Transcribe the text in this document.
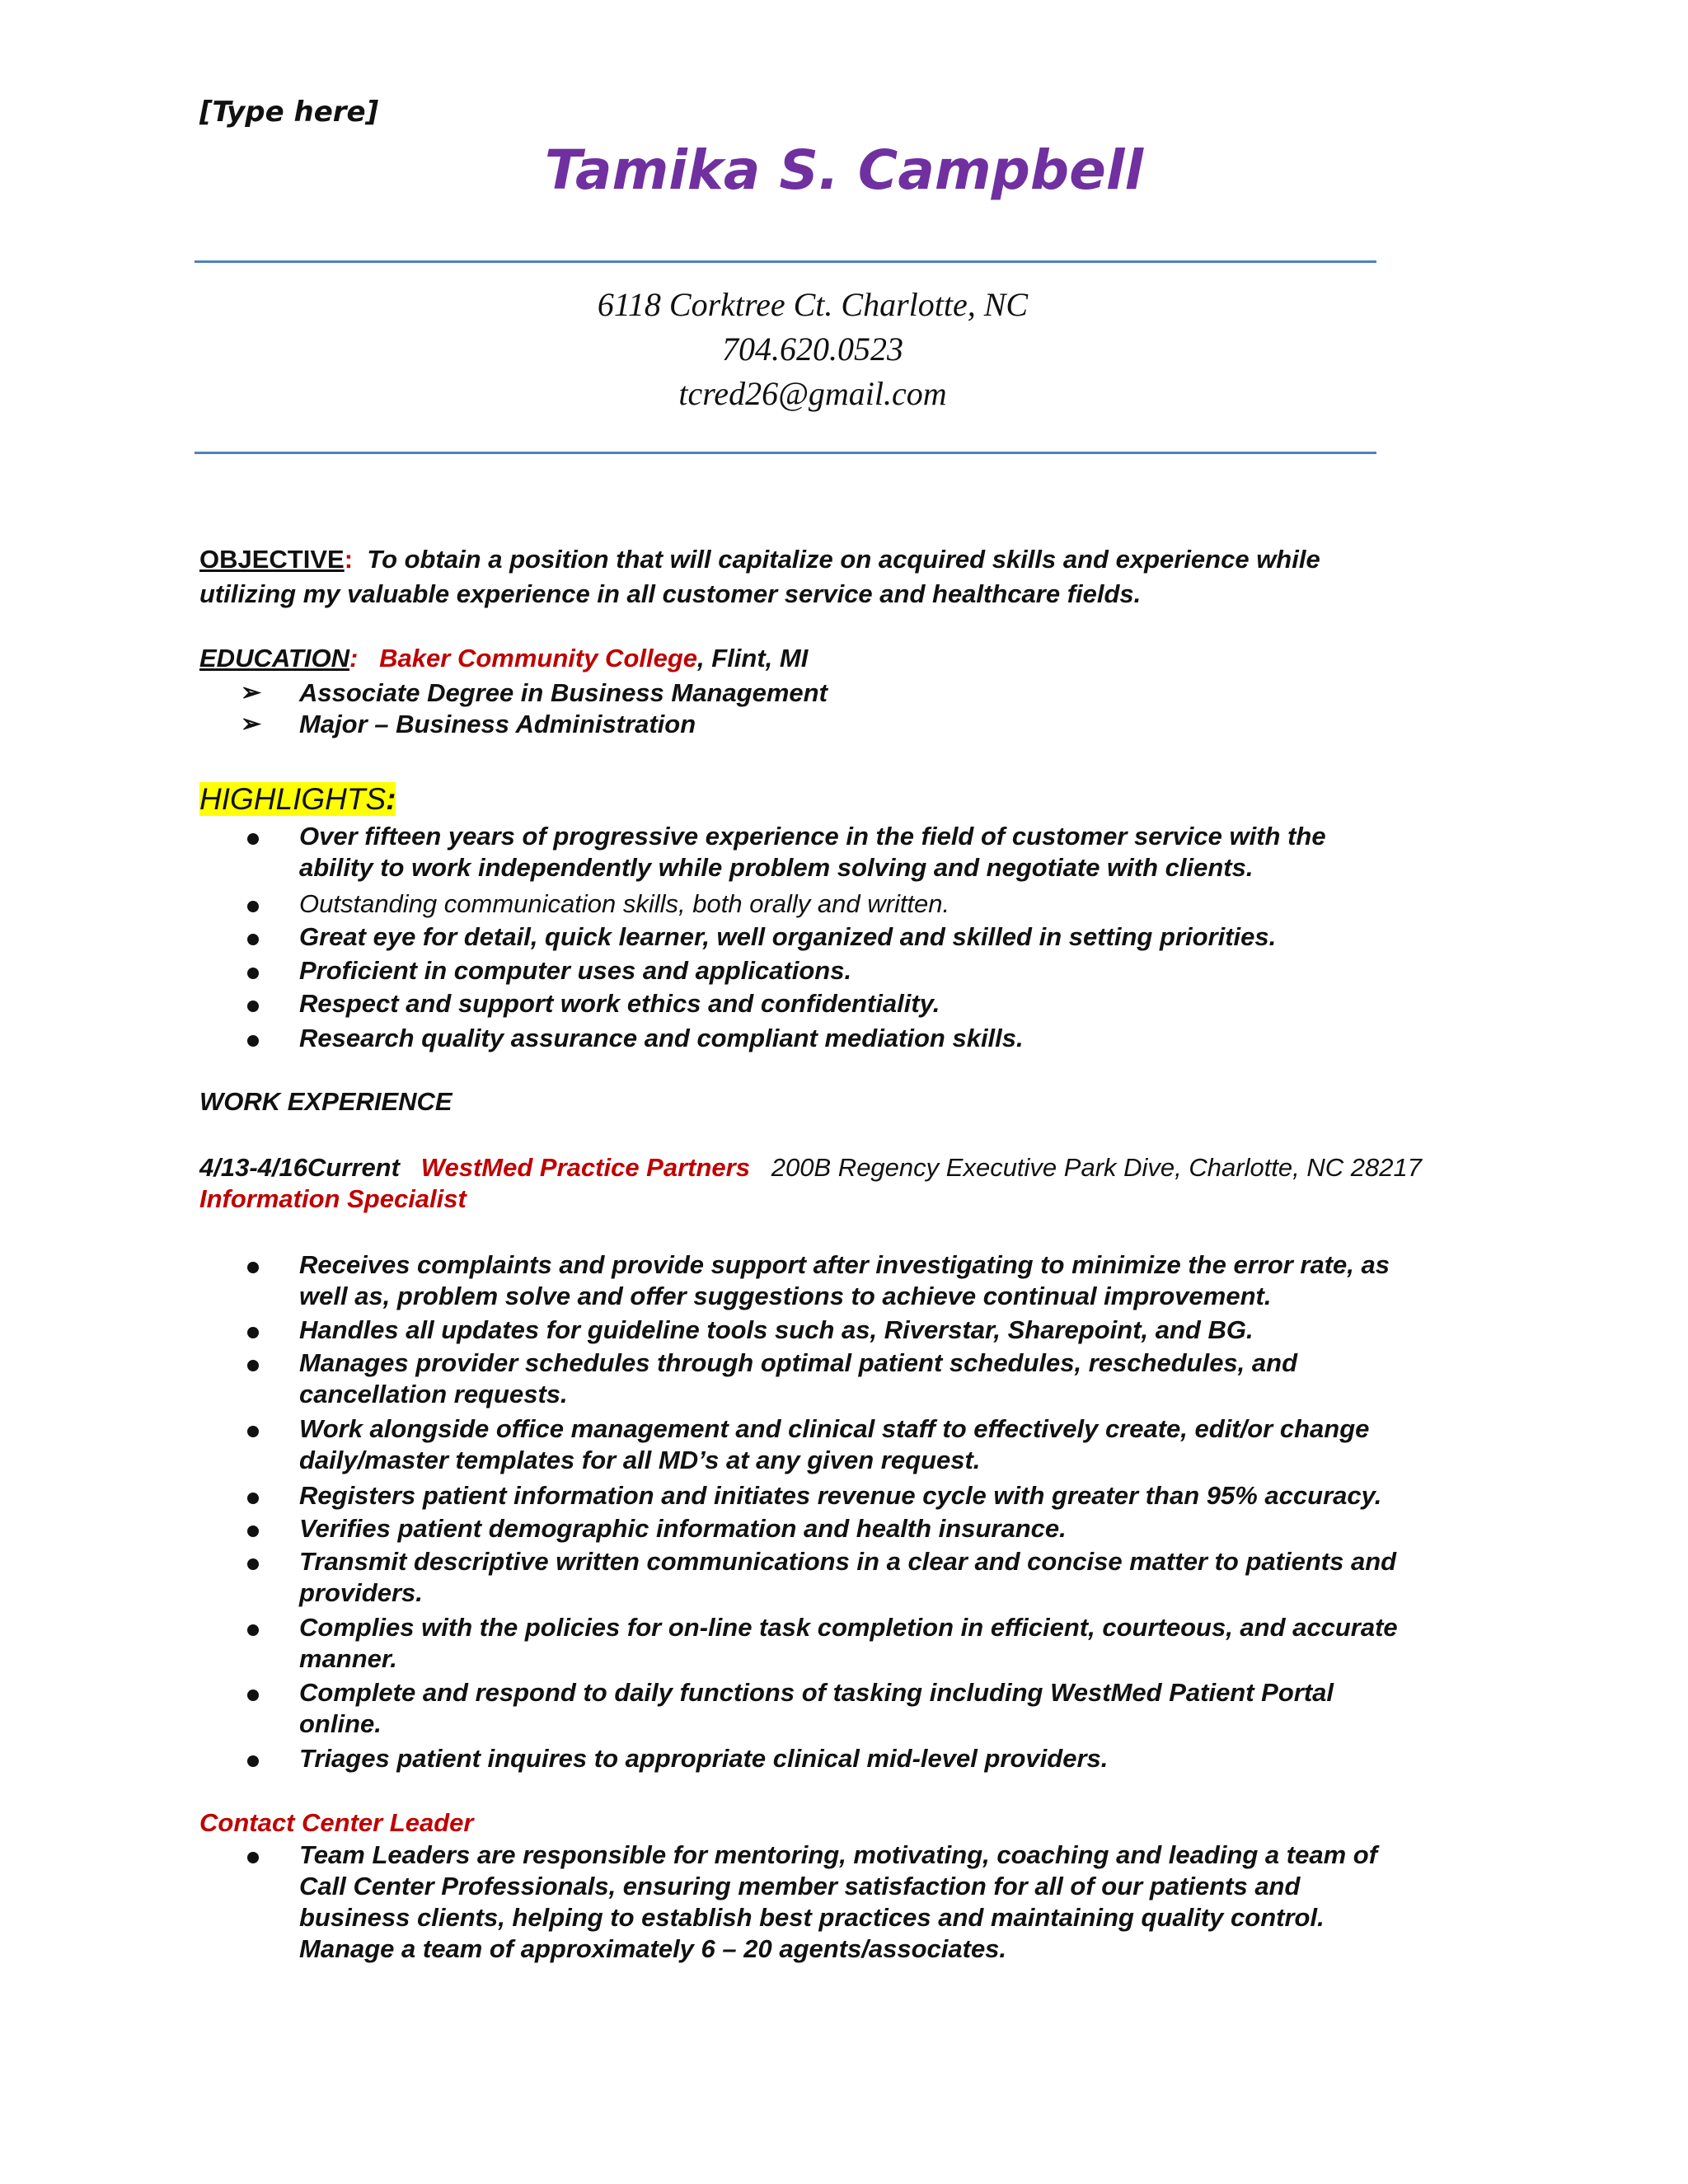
[Type here]
Tamika S. Campbell
6118 Corktree Ct. Charlotte, NC
704.620.0523
tcred26@gmail.com
OBJECTIVE: To obtain a position that will capitalize on acquired skills and experience while
utilizing my valuable experience in all customer service and healthcare fields.
EDUCATION: Baker Community College, Flint, MI
➢ Associate Degree in Business Management
➢ Major – Business Administration
HIGHLIGHTS:
Over fifteen years of progressive experience in the field of customer service with the
ability to work independently while problem solving and negotiate with clients.
Outstanding communication skills, both orally and written.
Great eye for detail, quick learner, well organized and skilled in setting priorities.
Proficient in computer uses and applications.
Respect and support work ethics and confidentiality.
Research quality assurance and compliant mediation skills.
WORK EXPERIENCE
4/13-4/16Current WestMed Practice Partners 200B Regency Executive Park Dive, Charlotte, NC 28217
Information Specialist
Receives complaints and provide support after investigating to minimize the error rate, as
well as, problem solve and offer suggestions to achieve continual improvement.
Handles all updates for guideline tools such as, Riverstar, Sharepoint, and BG.
Manages provider schedules through optimal patient schedules, reschedules, and
cancellation requests.
Work alongside office management and clinical staff to effectively create, edit/or change
daily/master templates for all MD’s at any given request.
Registers patient information and initiates revenue cycle with greater than 95% accuracy.
Verifies patient demographic information and health insurance.
Transmit descriptive written communications in a clear and concise matter to patients and
providers.
Complies with the policies for on-line task completion in efficient, courteous, and accurate
manner.
Complete and respond to daily functions of tasking including WestMed Patient Portal
online.
Triages patient inquires to appropriate clinical mid-level providers.
Contact Center Leader
Team Leaders are responsible for mentoring, motivating, coaching and leading a team of
Call Center Professionals, ensuring member satisfaction for all of our patients and
business clients, helping to establish best practices and maintaining quality control.
Manage a team of approximately 6 – 20 agents/associates.
